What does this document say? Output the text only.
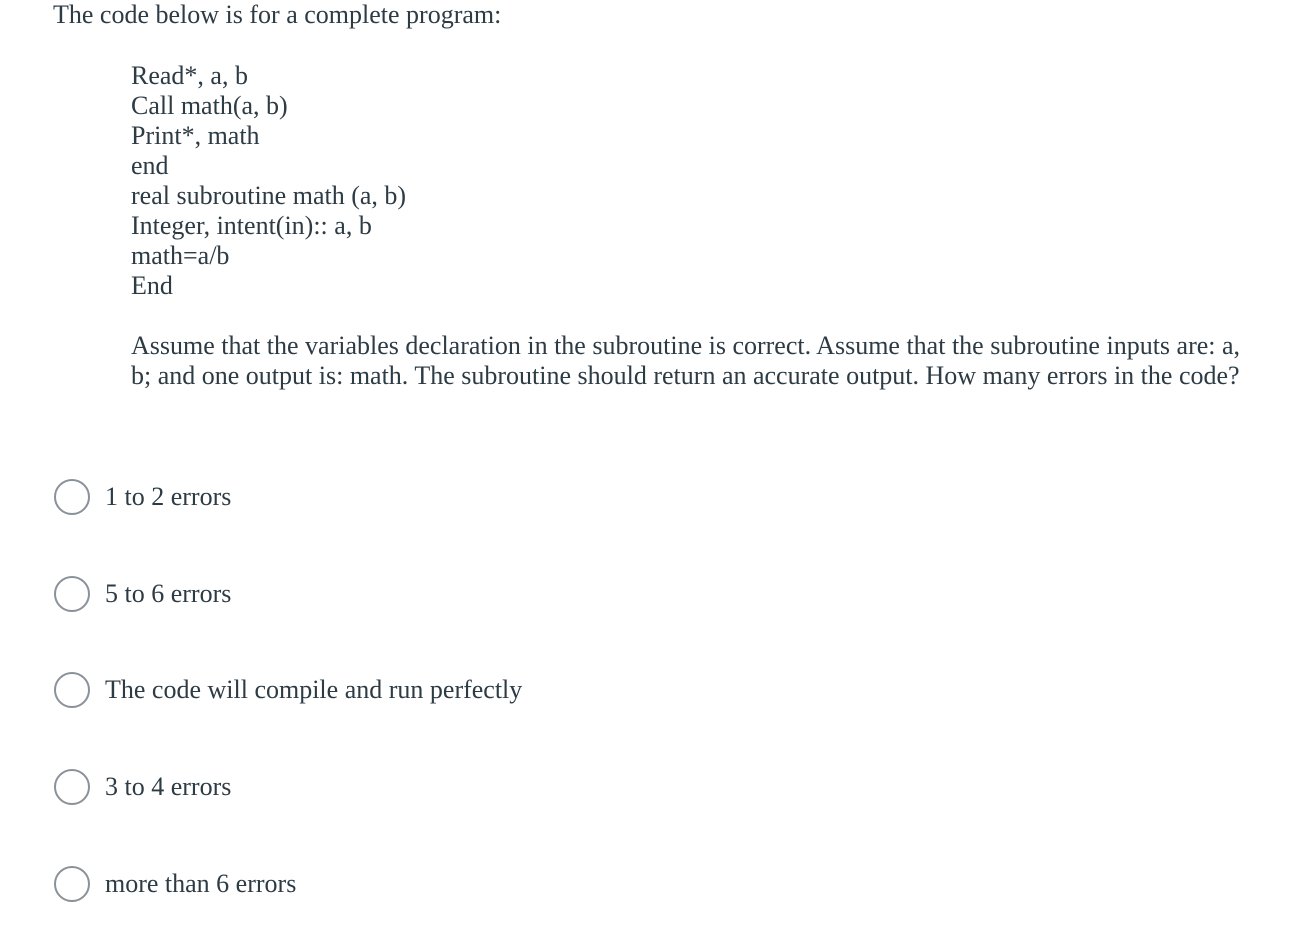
The code below is for a complete program:
Read*, a, b
Call math(a, b)
Print*, math
end
real subroutine math (a, b)
Integer, intent(in):: a, b
math=a/b
End
Assume that the variables declaration in the subroutine is correct. Assume that the subroutine inputs are: a, b; and one output is: math. The subroutine should return an accurate output. How many errors in the code?
1 to 2 errors
5 to 6 errors
The code will compile and run perfectly
3 to 4 errors
more than 6 errors
